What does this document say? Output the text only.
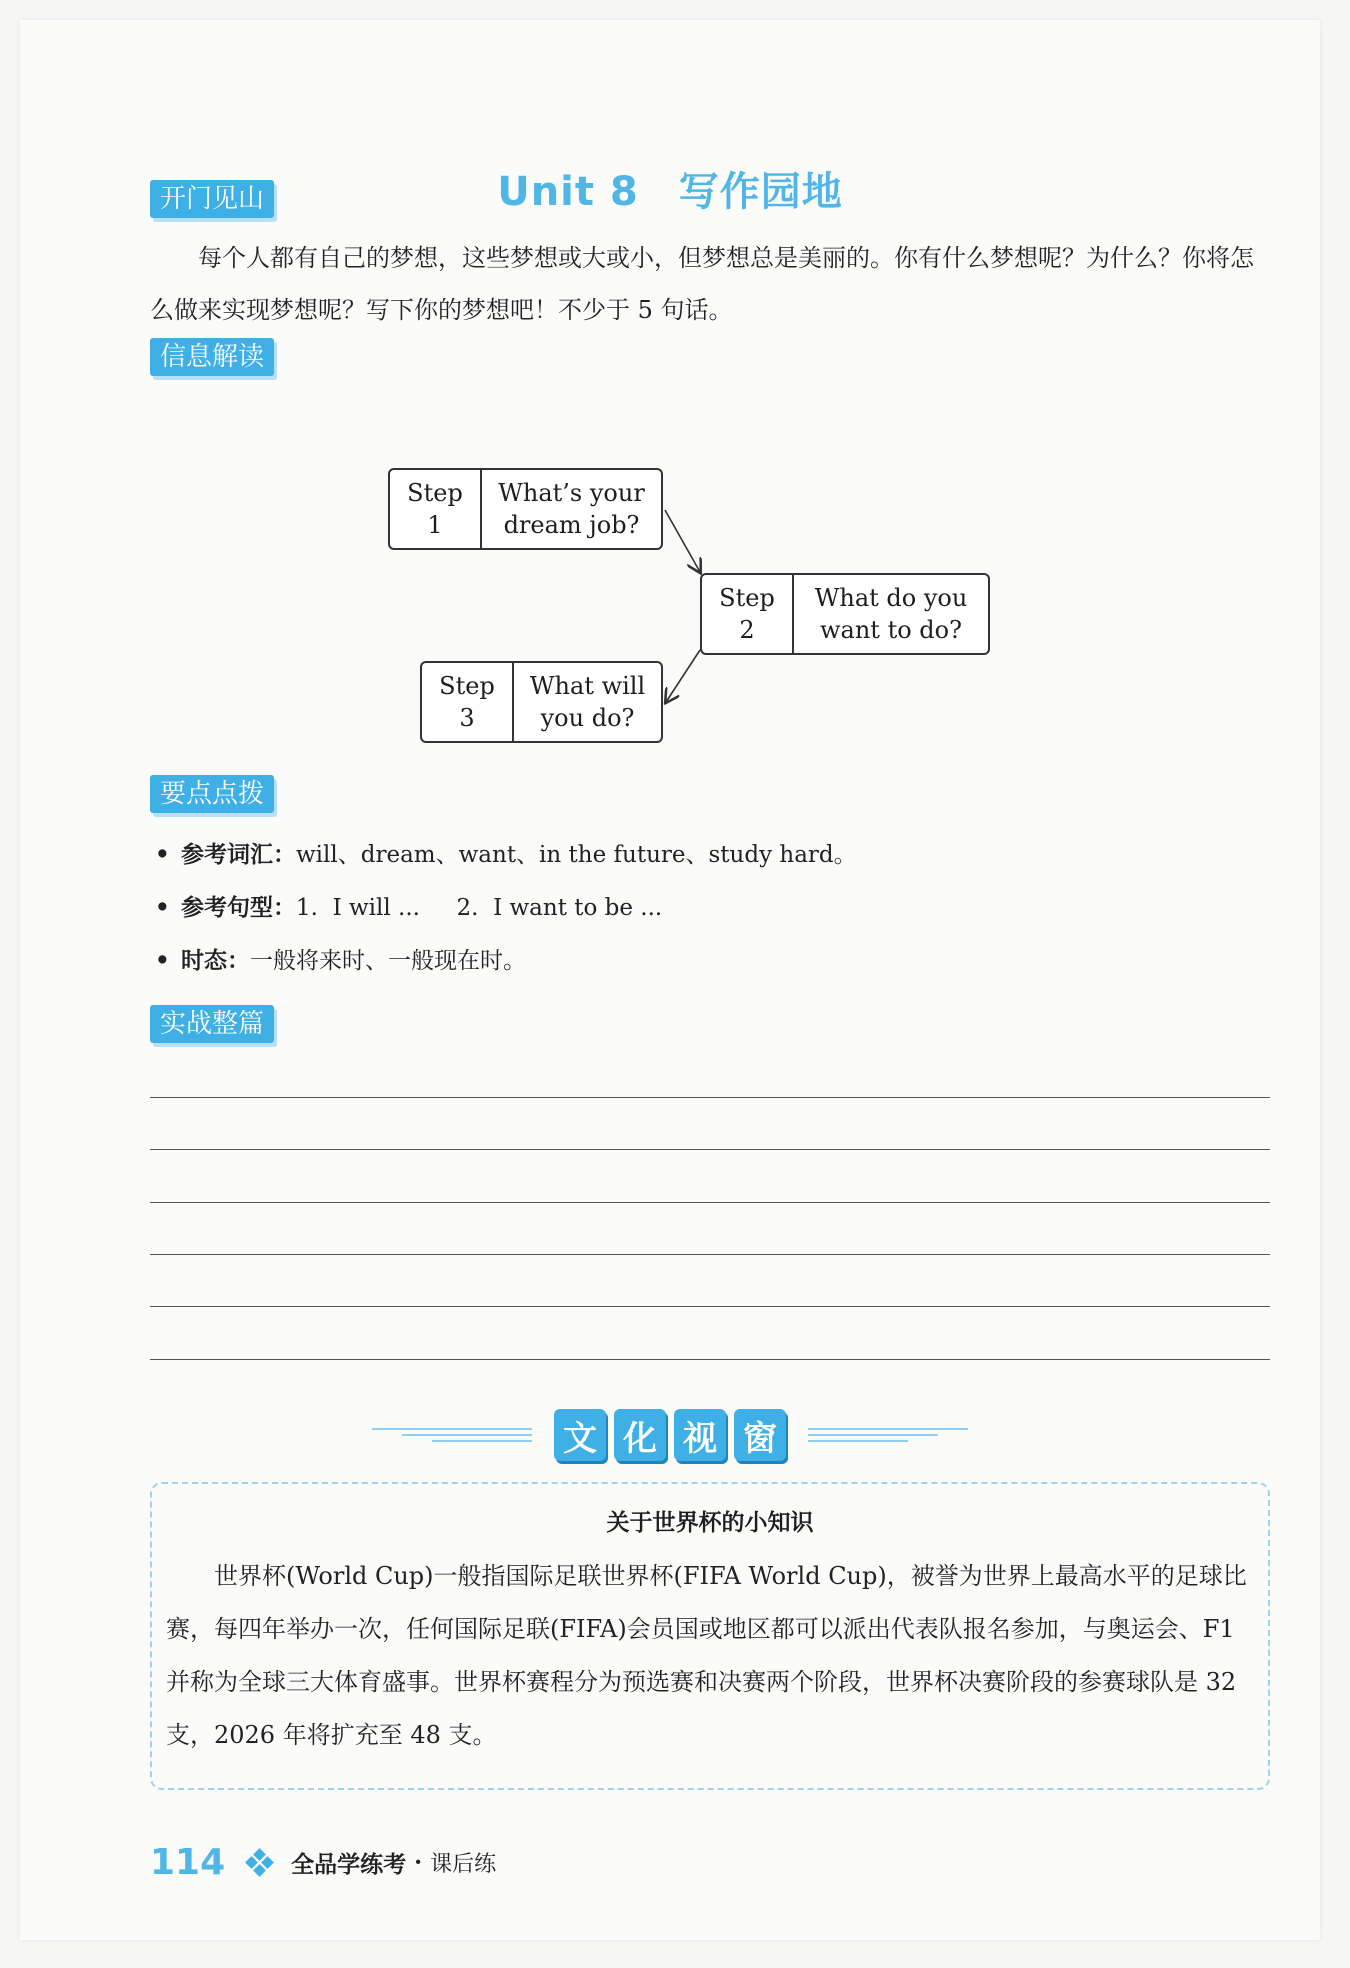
Unit 8 写作园地
开门见山
每个人都有自己的梦想，这些梦想或大或小，但梦想总是美丽的。你有什么梦想呢？为什么？你将怎么做来实现梦想呢？写下你的梦想吧！不少于 5 句话。
信息解读
Step
1
What’s your
dream job?
Step
2
What do you
want to do?
Step
3
What will
you do?
要点点拨
• 参考词汇：will、dream、want、in the future、study hard。
• 参考句型：1.  I will ...     2.  I want to be ...
• 时态：一般将来时、一般现在时。
实战整篇
文 化 视 窗
关于世界杯的小知识
世界杯(World Cup)一般指国际足联世界杯(FIFA World Cup)，被誉为世界上最高水平的足球比赛，每四年举办一次，任何国际足联(FIFA)会员国或地区都可以派出代表队报名参加，与奥运会、F1 并称为全球三大体育盛事。世界杯赛程分为预选赛和决赛两个阶段，世界杯决赛阶段的参赛球队是 32 支，2026 年将扩充至 48 支。
114	全品学练考 · 课后练
